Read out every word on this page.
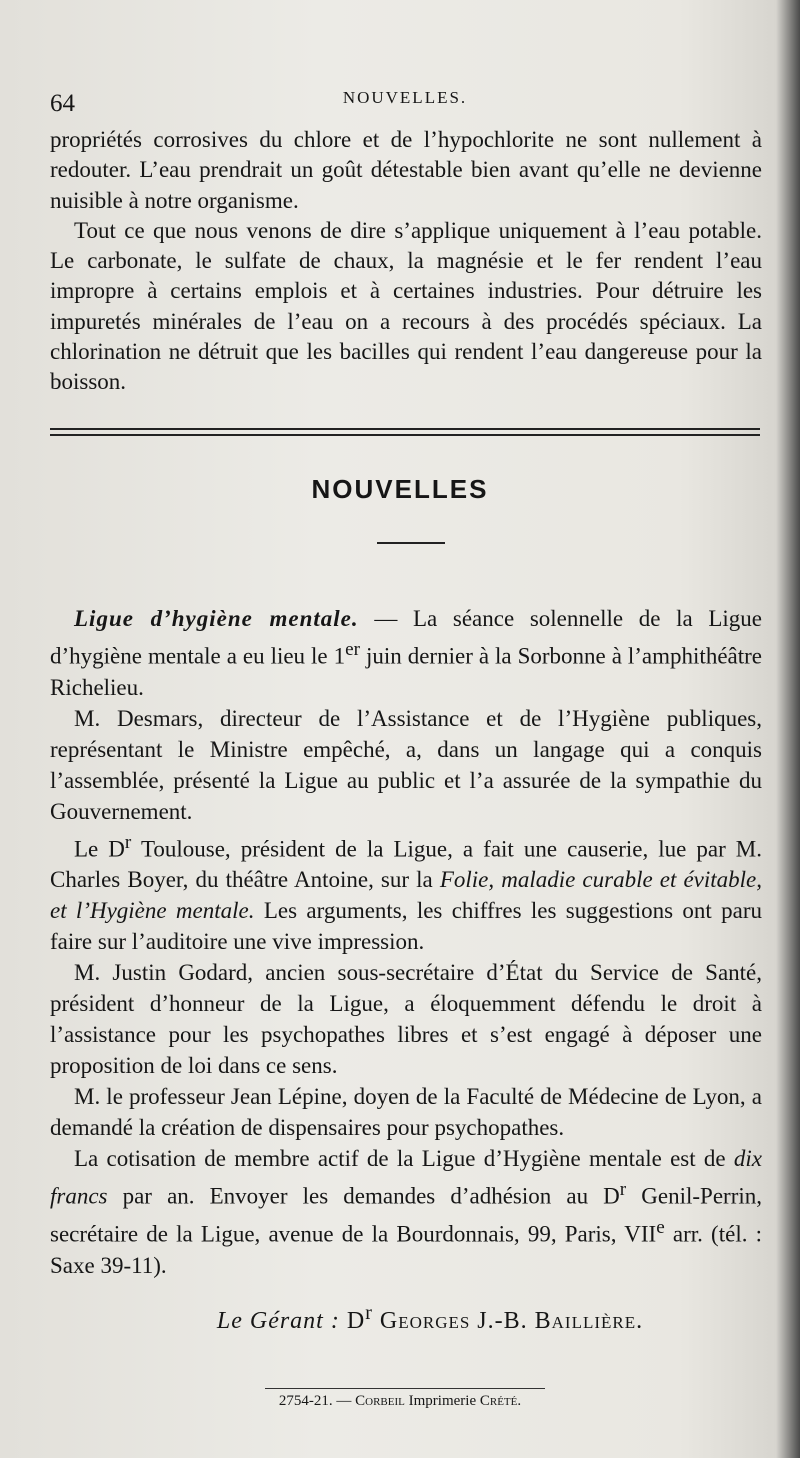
64	NOUVELLES.

propriétés corrosives du chlore et de l’hypochlorite ne sont nullement à redouter. L’eau prendrait un goût détestable bien avant qu’elle ne devienne nuisible à notre organisme.

Tout ce que nous venons de dire s’applique uniquement à l’eau potable. Le carbonate, le sulfate de chaux, la magnésie et le fer rendent l’eau impropre à certains emplois et à certaines industries. Pour détruire les impuretés minérales de l’eau on a recours à des procédés spéciaux. La chlorination ne détruit que les bacilles qui rendent l’eau dangereuse pour la boisson.

NOUVELLES

Ligue d’hygiène mentale. — La séance solennelle de la Ligue d’hygiène mentale a eu lieu le 1er juin dernier à la Sorbonne à l’amphithéâtre Richelieu.

M. Desmars, directeur de l’Assistance et de l’Hygiène publiques, représentant le Ministre empêché, a, dans un langage qui a conquis l’assemblée, présenté la Ligue au public et l’a assurée de la sympathie du Gouvernement.

Le $D^r$ Toulouse, président de la Ligue, a fait une causerie, lue par M. Charles Boyer, du théâtre Antoine, sur la Folie, maladie curable et évitable, et l’Hygiène mentale. Les arguments, les chiffres les suggestions ont paru faire sur l’auditoire une vive impression.

M. Justin Godard, ancien sous-secrétaire d’État du Service de Santé, président d’honneur de la Ligue, a éloquemment défendu le droit à l’assistance pour les psychopathes libres et s’est engagé à déposer une proposition de loi dans ce sens.

M. le professeur Jean Lépine, doyen de la Faculté de Médecine de Lyon, a demandé la création de dispensaires pour psychopathes.

La cotisation de membre actif de la Ligue d’Hygiène mentale est de dix francs par an. Envoyer les demandes d’adhésion au $D^r$ Genil-Perrin, secrétaire de la Ligue, avenue de la Bourdonnais, 99, Paris, VIIe arr. (tél. : Saxe 39-11).

Le Gérant : $D^r$ Georges J.-B. Baillière.
2754-21. — Corbeil Imprimerie Crété.
